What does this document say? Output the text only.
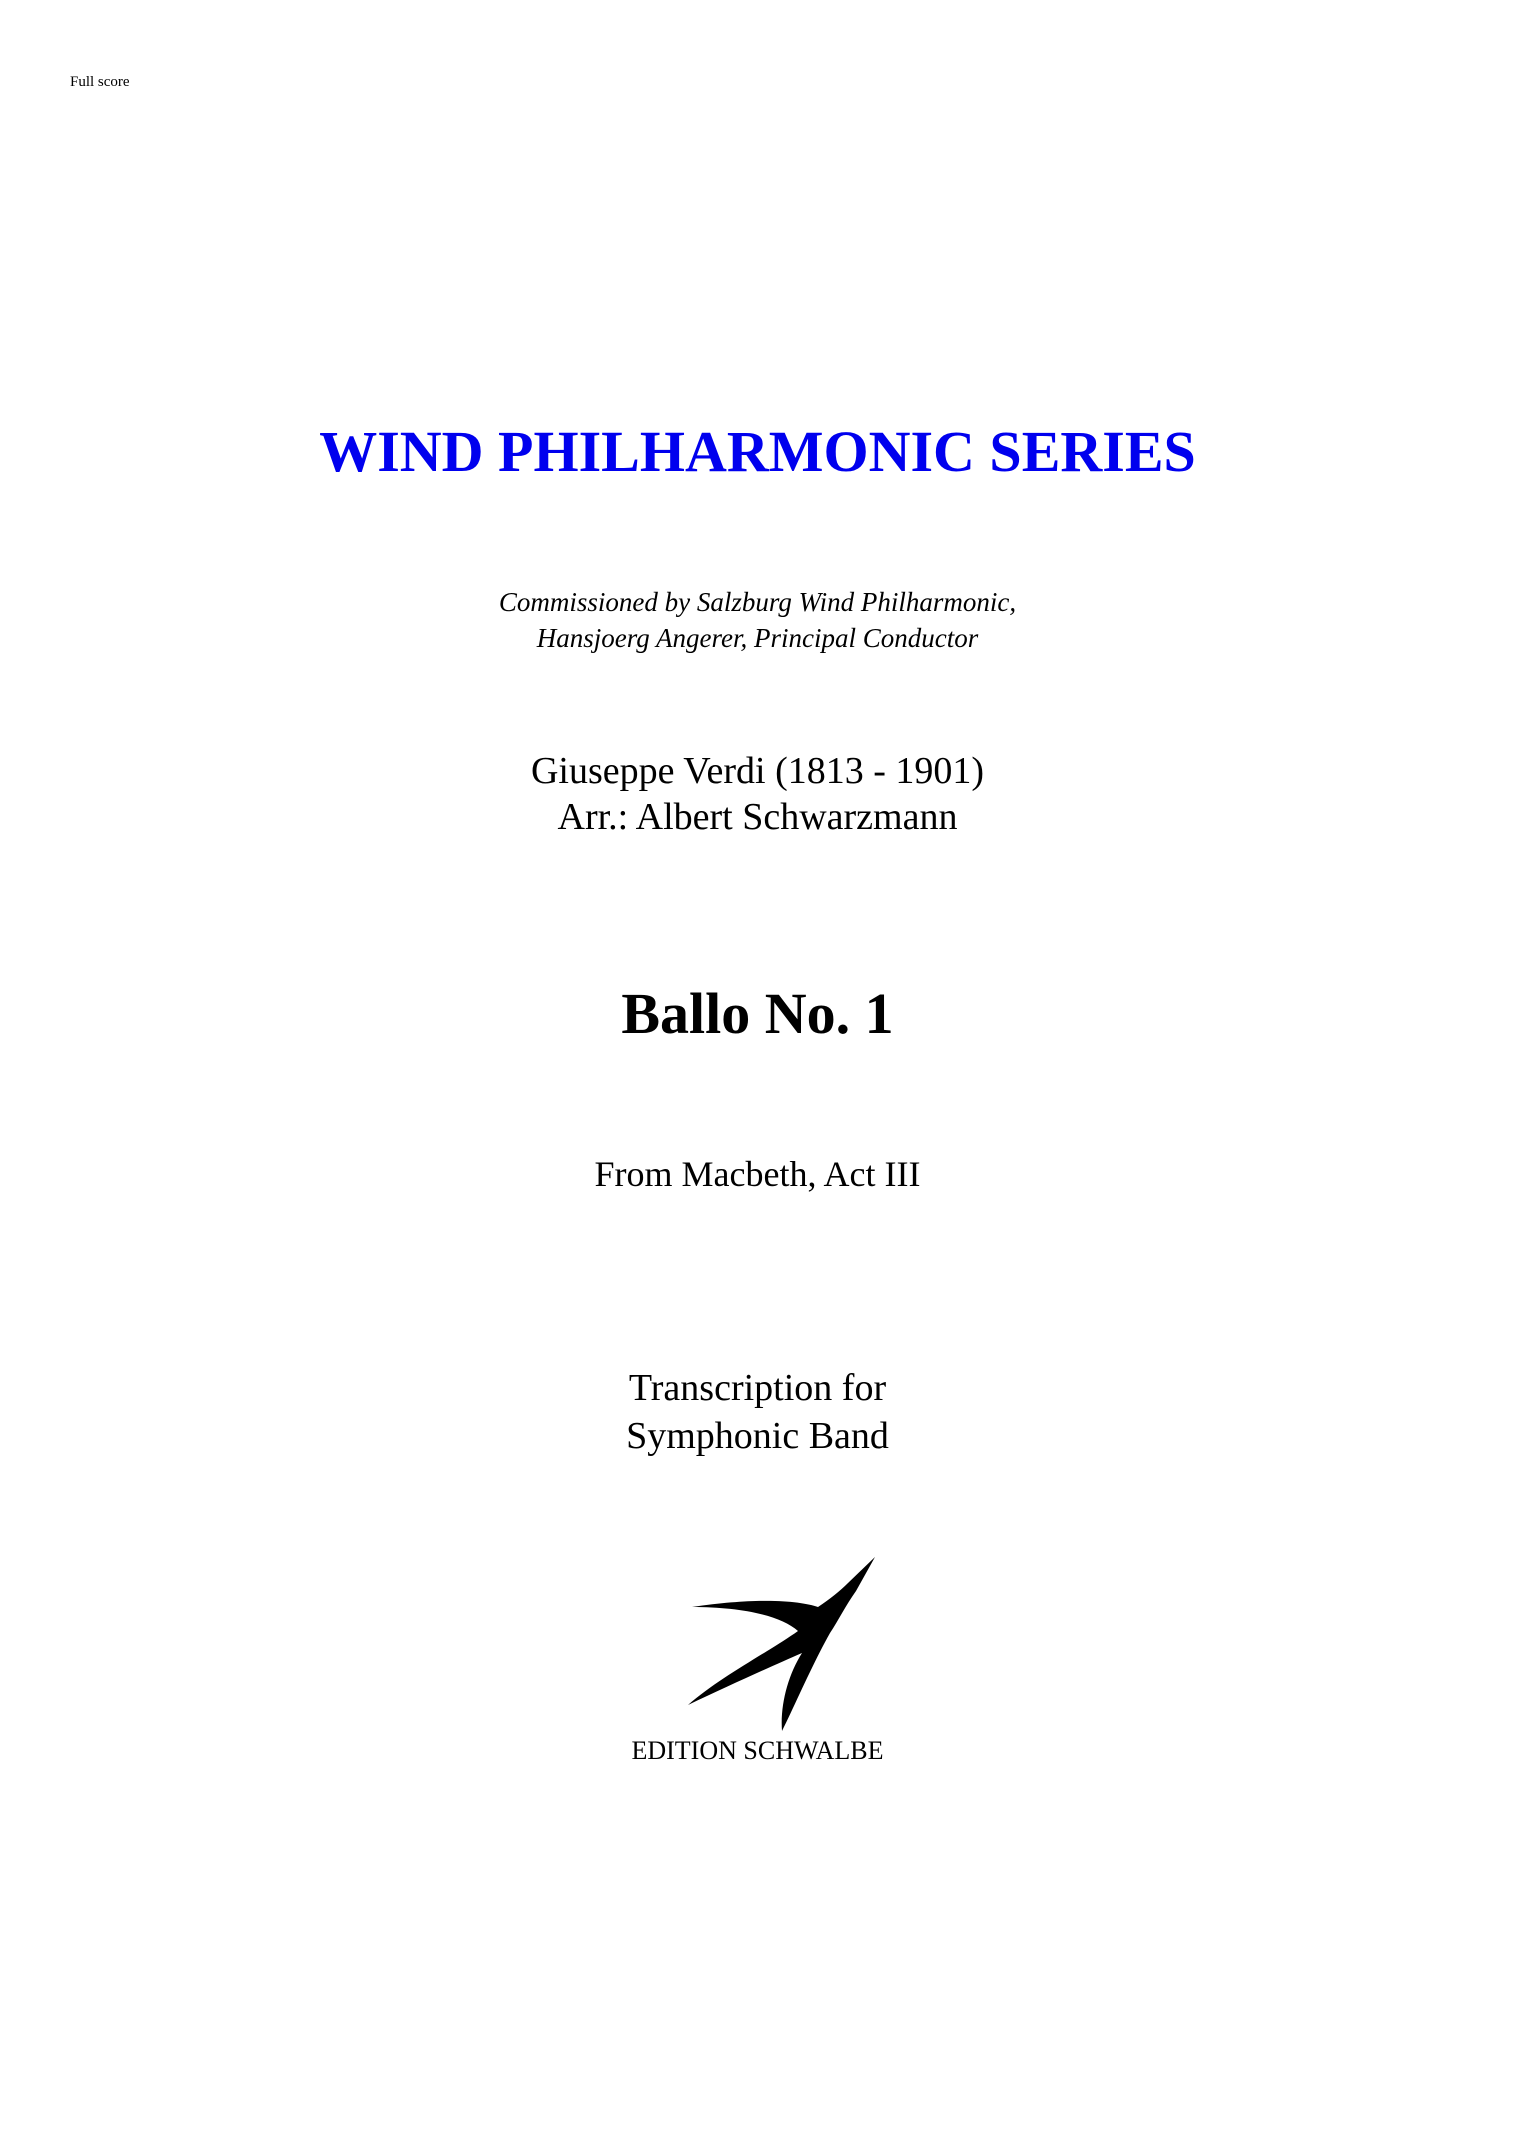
Full score
WIND PHILHARMONIC SERIES
Commissioned by Salzburg Wind Philharmonic,
Hansjoerg Angerer, Principal Conductor
Giuseppe Verdi (1813 - 1901)
Arr.: Albert Schwarzmann
Ballo No. 1
From Macbeth, Act III
Transcription for
Symphonic Band
EDITION SCHWALBE
